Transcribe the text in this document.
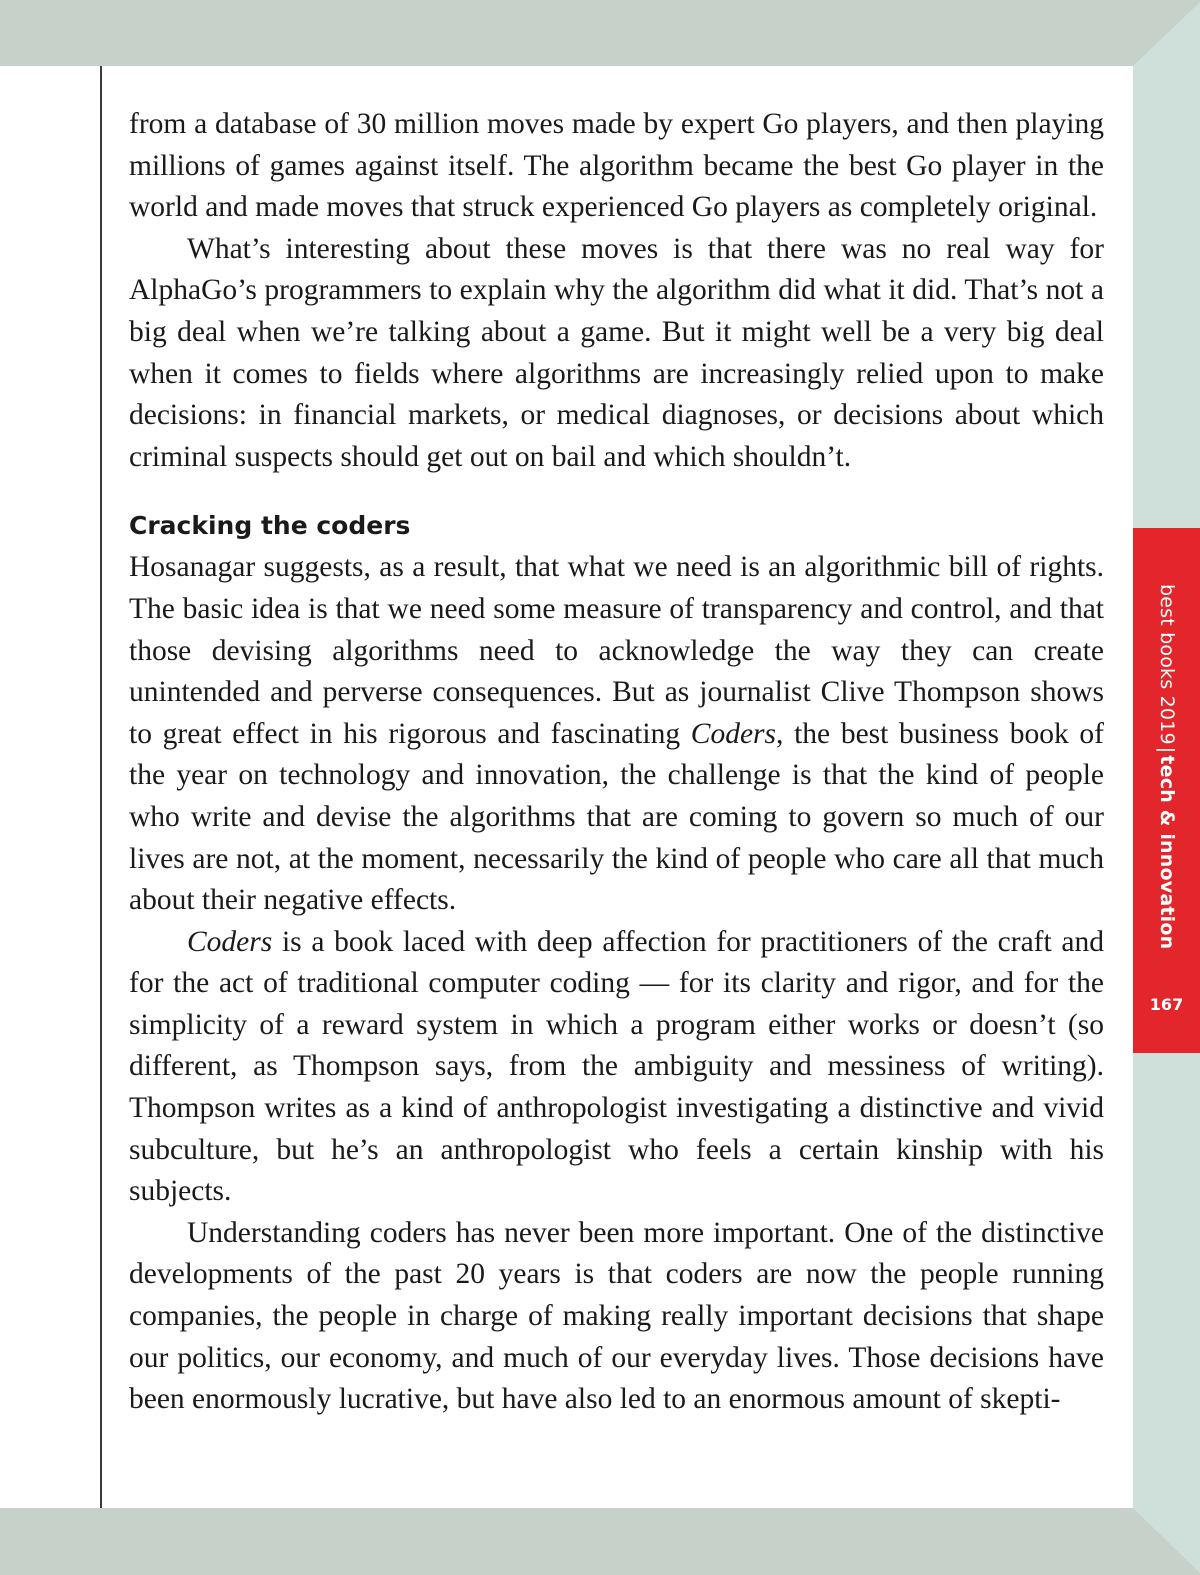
best books 2019|tech & innovation
167

from a database of 30 million moves made by expert Go players, and then playing millions of games against itself. The algorithm became the best Go player in the world and made moves that struck experienced Go players as completely original.

What’s interesting about these moves is that there was no real way for AlphaGo’s programmers to explain why the algorithm did what it did. That’s not a big deal when we’re talking about a game. But it might well be a very big deal when it comes to fields where algorithms are increasingly relied upon to make decisions: in financial markets, or medical diagnoses, or decisions about which criminal suspects should get out on bail and which shouldn’t.

Cracking the coders

Hosanagar suggests, as a result, that what we need is an algorithmic bill of rights. The basic idea is that we need some measure of transparency and control, and that those devising algorithms need to acknowledge the way they can create unintended and perverse consequences. But as journalist Clive Thompson shows to great effect in his rigorous and fascinating Coders, the best business book of the year on technology and innovation, the challenge is that the kind of people who write and devise the algorithms that are coming to govern so much of our lives are not, at the moment, necessarily the kind of people who care all that much about their negative effects.

Coders is a book laced with deep affection for practitioners of the craft and for the act of traditional computer coding — for its clarity and rigor, and for the simplicity of a reward system in which a program either works or doesn’t (so different, as Thompson says, from the ambiguity and messiness of writing). Thompson writes as a kind of anthropologist investigating a distinctive and vivid subculture, but he’s an anthropologist who feels a certain kinship with his subjects.

Understanding coders has never been more important. One of the distinctive developments of the past 20 years is that coders are now the people running companies, the people in charge of making really important decisions that shape our politics, our economy, and much of our everyday lives. Those decisions have been enormously lucrative, but have also led to an enormous amount of skepti-
